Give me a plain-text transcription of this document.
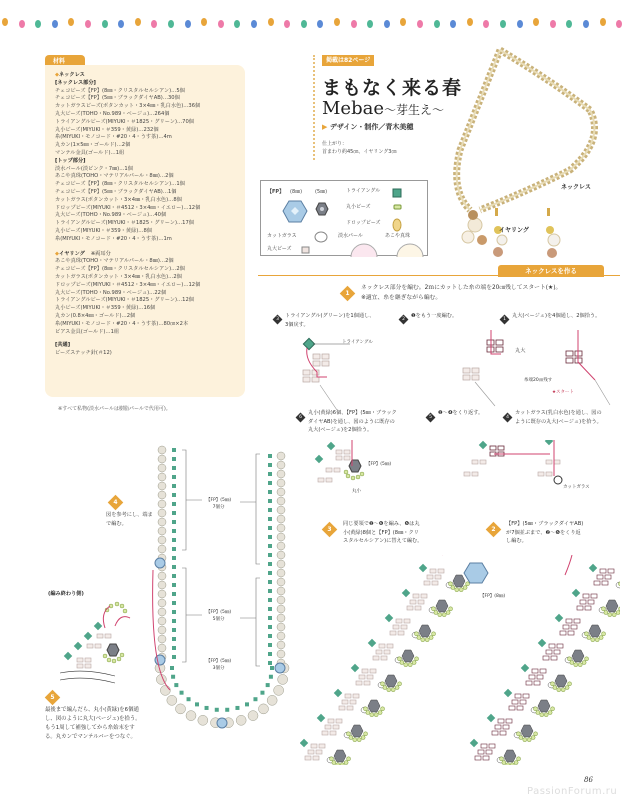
材料
◆ネックレス
[ネックレス部分]
チェコビーズ【FP】(8㎜・クリスタルセルシアン)…5個
チェコビーズ【FP】(5㎜・ブラックダイヤAB)…30個
カットガラスビーズ(ボタンカット・3×4㎜・乳白水色)…36個
丸大ビーズ(TOHO・No.989・ベージュ)…264個
トライアングルビーズ(MIYUKI・＃1825・グリーン)…70個
丸小ビーズ(MIYUKI・＃359・黄緑)…232個
糸(MIYUKI・モノコード・#20・4・うす茶)…4m
丸カン(1×5㎜・ゴールド)…2個
マンテル金具(ゴールド)…1組
[トップ部分]
淡水パール(淡ピンク・7㎜)…1個
あこや真珠(TOHO・マテリアルパール・8㎜)…2個
チェコビーズ【FP】(8㎜・クリスタルセルシアン)…1個
チェコビーズ【FP】(5㎜・ブラックダイヤAB)…1個
カットガラス(ボタンカット・3×4㎜・乳白水色)…8個
ドロップビーズ(MIYUKI・＃4512・3×4㎜・イエロー)…12個
丸大ビーズ(TOHO・No.989・ベージュ)…40個
トライアングルビーズ(MIYUKI・＃1825・グリーン)…17個
丸小ビーズ(MIYUKI・＃359・黄緑)…8個
糸(MIYUKI・モノコード・#20・4・うす茶)…1m
◆イヤリング ※両耳分
あこや真珠(TOHO・マテリアルパール・8㎜)…2個
チェコビーズ【FP】(8㎜・クリスタルセルシアン)…2個
カットガラス(ボタンカット・3×4㎜・乳白水色)…2個
ドロップビーズ(MIYUKI・＃4512・3×4㎜・イエロー)…12個
丸大ビーズ(TOHO・No.989・ベージュ)…22個
トライアングルビーズ(MIYUKI・＃1825・グリーン)…12個
丸小ビーズ(MIYUKI・＃359・黄緑)…16個
丸カン(0.8×4㎜・ゴールド)…2個
糸(MIYUKI・モノコード・#20・4・うす茶)…80㎝×2本
ピアス金具(ゴールド)…1組
[共通]
ビーズステッチ針(＃12)
※すべて私物(淡水パールは樹脂パールで代用可)。
掲載は82ページ
まもなく来る春
Mebae～芽生え～
▶ デザイン・制作／青木美穂
仕上がり：
首まわり約45㎝、イヤリング3㎝
ネックレス
イヤリング
【FP】 (8㎜)	(5㎜)	トライアングル
丸小ビーズ
ドロップビーズ
カットガラス	淡水パール	あこや真珠
丸大ビーズ
ネックレスを作る
1
ネックレス部分を編む。2ｍにカットした糸の端を20㎝残してスタート(★)。
※適宜、糸を継ぎながら編む。
3
トライアングル(グリーン)を1個通し、3個戻す。
2
❶をもう一度編む。
1
丸大(ベージュ)を4個通し、2個拾う。
トライアングル
丸大
糸端20㎝残す
★スタート
6
丸小(黄緑)6個、【FP】(5㎜・ブラックダイヤAB)を通し、図のように既存の丸大(ベージュ)を2個拾う。
5
❷～❹をくり返す。
4
カットガラス(乳白水色)を通し、図のように既存の丸大(ベージュ)を拾う。
【FP】(5㎜)
丸小
カットガラス
3
同じ要領で❷～❻を編み、❻は丸小(黄緑)8個と【FP】(8㎜・クリスタルセルシアン)に替えて編む。
2
【FP】(5㎜・ブラックダイヤAB)が7個並ぶまで、❷～❻をくり返し編む。
【FP】(8㎜)
4
図を参考にし、端まで編む。
【FP】(5㎜)
7個分
【FP】(5㎜)
5個分
【FP】(5㎜)
3個分
(編み終わり側)
5
最後まで編んだら、丸小(黄緑)を6個通し、図のように丸大(ベージュ)を拾う。もう1周して補強してから糸始末をする。丸カンでマンテルバーをつなぐ。
86
PassionForum.ru
